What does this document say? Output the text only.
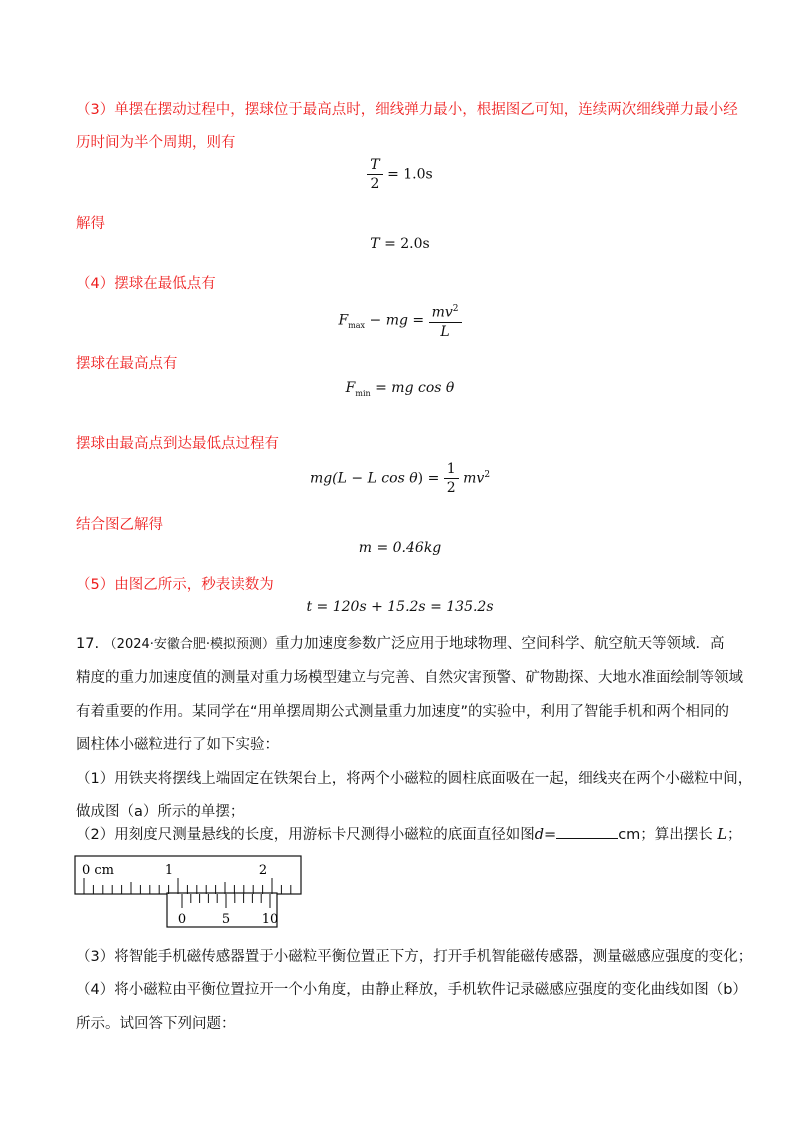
（3）单摆在摆动过程中，摆球位于最高点时，细线弹力最小，根据图乙可知，连续两次细线弹力最小经
历时间为半个周期，则有
$\frac{T}{2} = 1.0s$
解得
T = 2.0s
（4）摆球在最低点有
$F_{max}$ − mg = $\frac{mv^2}{L}$
摆球在最高点有
$F_{min}$ = mg cos θ
摆球由最高点到达最低点过程有
mg(L − L $\cos \theta) = \frac{1}{2} mv^2$
结合图乙解得
m = 0.46kg
（5）由图乙所示，秒表读数为
t = 120s + 15.2s = 135.2s
17. （2024·安徽合肥·模拟预测）重力加速度参数广泛应用于地球物理、空间科学、航空航天等领域．高
精度的重力加速度值的测量对重力场模型建立与完善、自然灾害预警、矿物勘探、大地水准面绘制等领域
有着重要的作用。某同学在“用单摆周期公式测量重力加速度”的实验中，利用了智能手机和两个相同的
圆柱体小磁粒进行了如下实验：
（1）用铁夹将摆线上端固定在铁架台上，将两个小磁粒的圆柱底面吸在一起，细线夹在两个小磁粒中间，
做成图（a）所示的单摆；
（2）用刻度尺测量悬线的长度，用游标卡尺测得小磁粒的底面直径如图d=	cm；算出摆长 L；
0 cm	1	2
0	5 10
（3）将智能手机磁传感器置于小磁粒平衡位置正下方，打开手机智能磁传感器，测量磁感应强度的变化；
（4）将小磁粒由平衡位置拉开一个小角度，由静止释放，手机软件记录磁感应强度的变化曲线如图（b）
所示。试回答下列问题：
